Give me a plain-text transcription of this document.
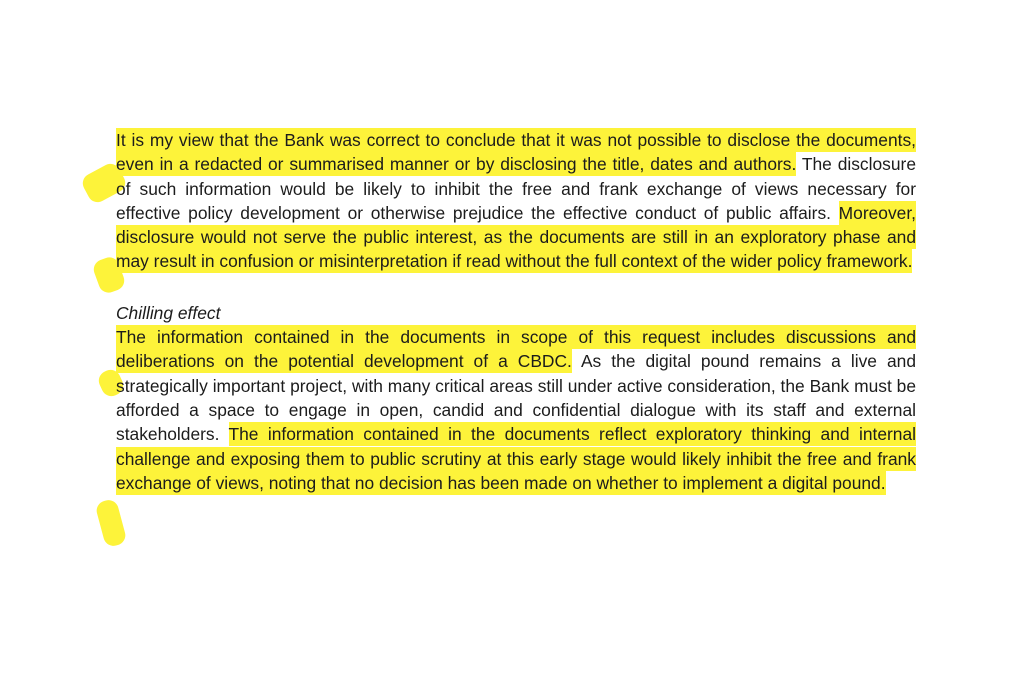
It is my view that the Bank was correct to conclude that it was not possible to disclose the documents, even in a redacted or summarised manner or by disclosing the title, dates and authors. The disclosure of such information would be likely to inhibit the free and frank exchange of views necessary for effective policy development or otherwise prejudice the effective conduct of public affairs. Moreover, disclosure would not serve the public interest, as the documents are still in an exploratory phase and may result in confusion or misinterpretation if read without the full context of the wider policy framework.

Chilling effect

The information contained in the documents in scope of this request includes discussions and deliberations on the potential development of a CBDC. As the digital pound remains a live and strategically important project, with many critical areas still under active consideration, the Bank must be afforded a space to engage in open, candid and confidential dialogue with its staff and external stakeholders. The information contained in the documents reflect exploratory thinking and internal challenge and exposing them to public scrutiny at this early stage would likely inhibit the free and frank exchange of views, noting that no decision has been made on whether to implement a digital pound.
